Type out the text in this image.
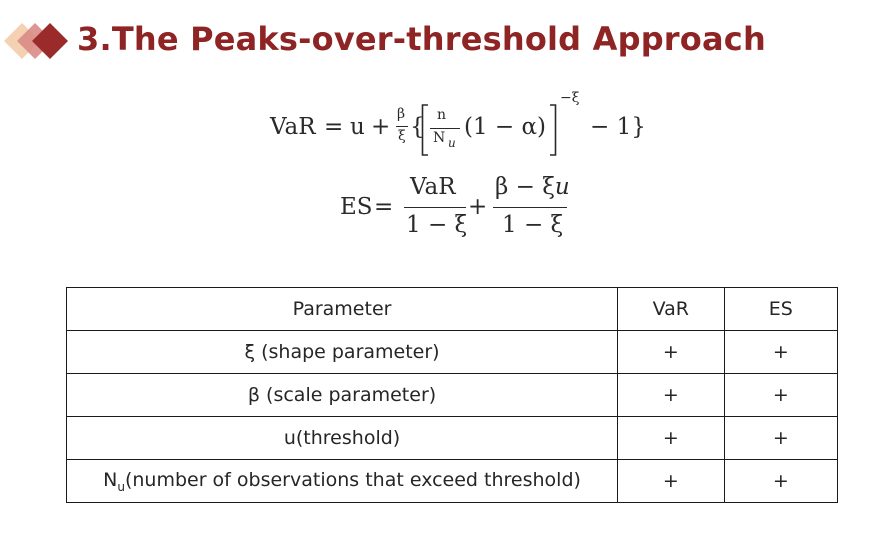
3.The Peaks-over-threshold Approach
VaR = u + β
ξ { n
N u
(1 − α)
−ξ
− 1}
ES =
VaR
1 − ξ
+
β − ξu
1 − ξ
Parameter	VaR	ES
ξ (shape parameter)	+	+
β (scale parameter)	+	+
u(threshold)	+	+
$N_u(number$ of observations that exceed threshold)	+	+
